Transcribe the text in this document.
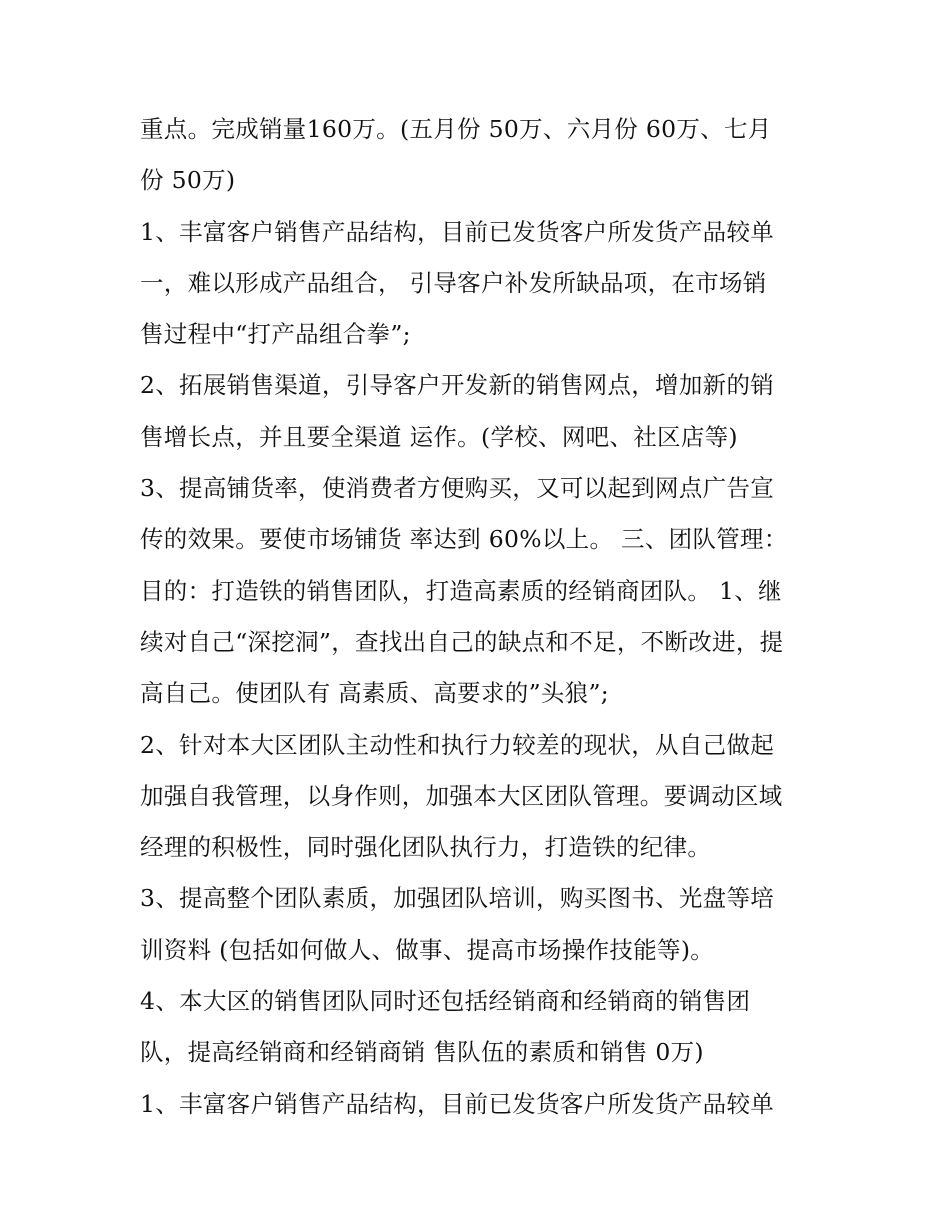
重点。完成销量160万。(五月份 50万、六月份 60万、七月
份 50万)
1、丰富客户销售产品结构，目前已发货客户所发货产品较单
一，难以形成产品组合， 引导客户补发所缺品项，在市场销
售过程中“打产品组合拳”;
2、拓展销售渠道，引导客户开发新的销售网点，增加新的销
售增长点，并且要全渠道 运作。(学校、网吧、社区店等)
3、提高铺货率，使消费者方便购买，又可以起到网点广告宣
传的效果。要使市场铺货 率达到 60%以上。 三、团队管理：
目的：打造铁的销售团队，打造高素质的经销商团队。 1、继
续对自己“深挖洞”，查找出自己的缺点和不足，不断改进，提
高自己。使团队有 高素质、高要求的”头狼”;
2、针对本大区团队主动性和执行力较差的现状，从自己做起
加强自我管理，以身作则，加强本大区团队管理。要调动区域
经理的积极性，同时强化团队执行力，打造铁的纪律。
3、提高整个团队素质，加强团队培训，购买图书、光盘等培
训资料 (包括如何做人、做事、提高市场操作技能等)。
4、本大区的销售团队同时还包括经销商和经销商的销售团
队，提高经销商和经销商销 售队伍的素质和销售 0万)
1、丰富客户销售产品结构，目前已发货客户所发货产品较单
